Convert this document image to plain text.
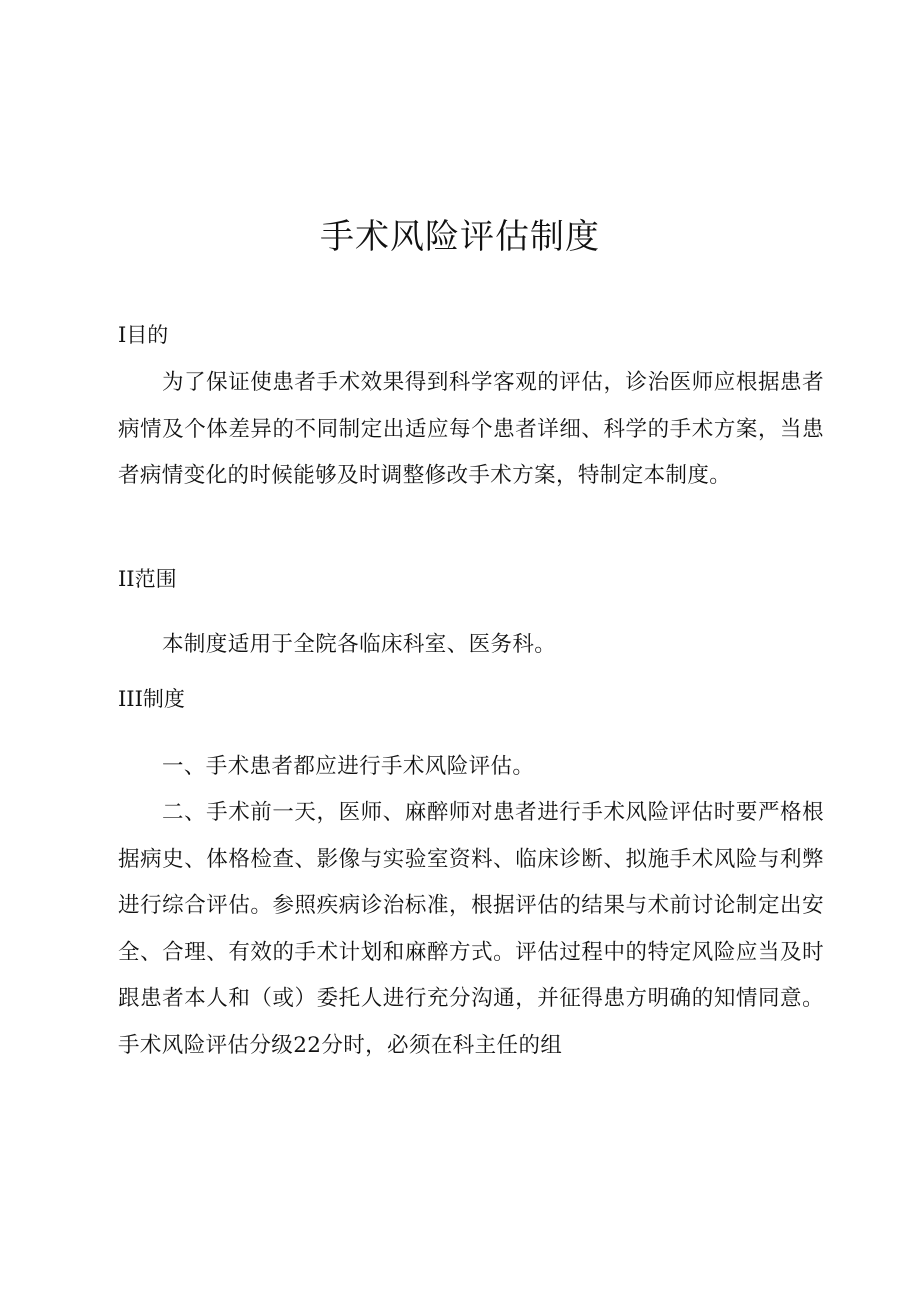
手术风险评估制度
I目的

为了保证使患者手术效果得到科学客观的评估，诊治医师应根据患者病情及个体差异的不同制定出适应每个患者详细、科学的手术方案，当患者病情变化的时候能够及时调整修改手术方案，特制定本制度。

II范围

本制度适用于全院各临床科室、医务科。

III制度

一、手术患者都应进行手术风险评估。

二、手术前一天，医师、麻醉师对患者进行手术风险评估时要严格根据病史、体格检查、影像与实验室资料、临床诊断、拟施手术风险与利弊进行综合评估。参照疾病诊治标准，根据评估的结果与术前讨论制定出安全、合理、有效的手术计划和麻醉方式。评估过程中的特定风险应当及时跟患者本人和（或）委托人进行充分沟通，并征得患方明确的知情同意。手术风险评估分级22分时，必须在科主任的组
